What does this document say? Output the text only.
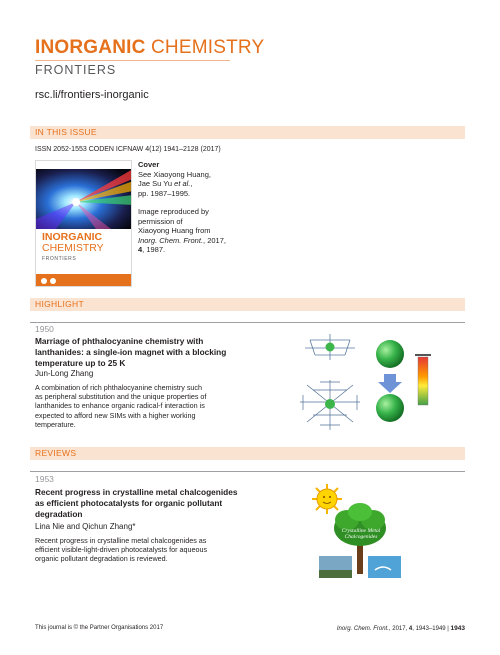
INORGANIC CHEMISTRY
FRONTIERS
rsc.li/frontiers-inorganic
IN THIS ISSUE
ISSN 2052-1553 CODEN ICFNAW 4(12) 1941–2128 (2017)
INORGANIC
CHEMISTRY
FRONTIERS
Cover
See Xiaoyong Huang,
Jae Su Yu et al.,
pp. 1987–1995.
Image reproduced by
permission of
Xiaoyong Huang from
Inorg. Chem. Front., 2017,
4, 1987.
HIGHLIGHT
1950
Marriage of phthalocyanine chemistry with
lanthanides: a single-ion magnet with a blocking
temperature up to 25 K
Jun-Long Zhang
A combination of rich phthalocyanine chemistry such
as peripheral substitution and the unique properties of
lanthanides to enhance organic radical-f interaction is
expected to afford new SIMs with a higher working
temperature.
REVIEWS
1953
Recent progress in crystalline metal chalcogenides
as efficient photocatalysts for organic pollutant
degradation
Lina Nie and Qichun Zhang*
Recent progress in crystalline metal chalcogenides as
efficient visible-light-driven photocatalysts for aqueous
organic pollutant degradation is reviewed.
Crystalline Metal
Chalcogenides
This journal is © the Partner Organisations 2017	Inorg. Chem. Front., 2017, 4, 1943–1949 | 1943
